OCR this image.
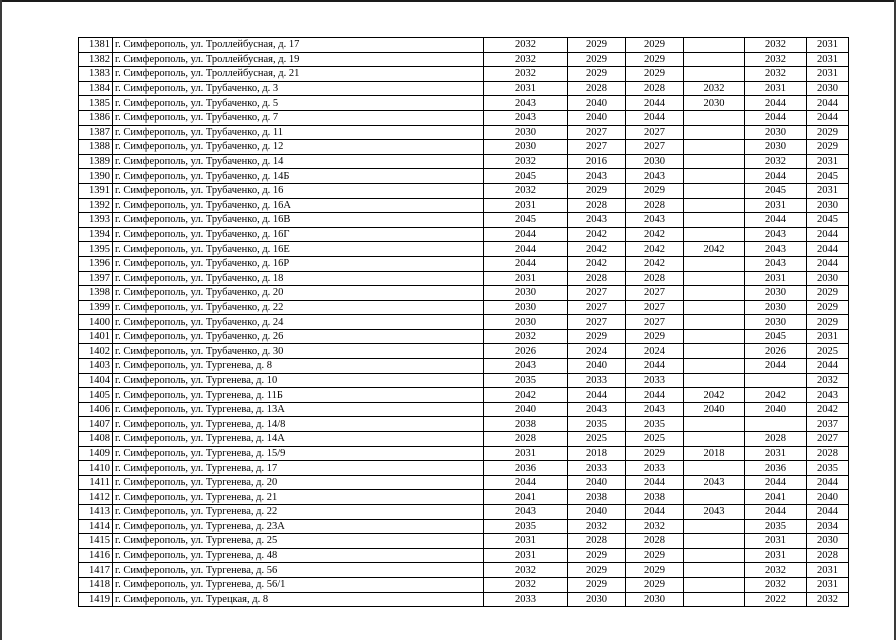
1381	г. Симферополь, ул. Троллейбусная, д. 17	2032	2029	2029		2032	2031
1382	г. Симферополь, ул. Троллейбусная, д. 19	2032	2029	2029		2032	2031
1383	г. Симферополь, ул. Троллейбусная, д. 21	2032	2029	2029		2032	2031
1384	г. Симферополь, ул. Трубаченко, д. 3	2031	2028	2028	2032	2031	2030
1385	г. Симферополь, ул. Трубаченко, д. 5	2043	2040	2044	2030	2044	2044
1386	г. Симферополь, ул. Трубаченко, д. 7	2043	2040	2044		2044	2044
1387	г. Симферополь, ул. Трубаченко, д. 11	2030	2027	2027		2030	2029
1388	г. Симферополь, ул. Трубаченко, д. 12	2030	2027	2027		2030	2029
1389	г. Симферополь, ул. Трубаченко, д. 14	2032	2016	2030		2032	2031
1390	г. Симферополь, ул. Трубаченко, д. 14Б	2045	2043	2043		2044	2045
1391	г. Симферополь, ул. Трубаченко, д. 16	2032	2029	2029		2045	2031
1392	г. Симферополь, ул. Трубаченко, д. 16А	2031	2028	2028		2031	2030
1393	г. Симферополь, ул. Трубаченко, д. 16В	2045	2043	2043		2044	2045
1394	г. Симферополь, ул. Трубаченко, д. 16Г	2044	2042	2042		2043	2044
1395	г. Симферополь, ул. Трубаченко, д. 16Е	2044	2042	2042	2042	2043	2044
1396	г. Симферополь, ул. Трубаченко, д. 16Р	2044	2042	2042		2043	2044
1397	г. Симферополь, ул. Трубаченко, д. 18	2031	2028	2028		2031	2030
1398	г. Симферополь, ул. Трубаченко, д. 20	2030	2027	2027		2030	2029
1399	г. Симферополь, ул. Трубаченко, д. 22	2030	2027	2027		2030	2029
1400	г. Симферополь, ул. Трубаченко, д. 24	2030	2027	2027		2030	2029
1401	г. Симферополь, ул. Трубаченко, д. 26	2032	2029	2029		2045	2031
1402	г. Симферополь, ул. Трубаченко, д. 30	2026	2024	2024		2026	2025
1403	г. Симферополь, ул. Тургенева, д. 8	2043	2040	2044		2044	2044
1404	г. Симферополь, ул. Тургенева, д. 10	2035	2033	2033			2032
1405	г. Симферополь, ул. Тургенева, д. 11Б	2042	2044	2044	2042	2042	2043
1406	г. Симферополь, ул. Тургенева, д. 13А	2040	2043	2043	2040	2040	2042
1407	г. Симферополь, ул. Тургенева, д. 14/8	2038	2035	2035			2037
1408	г. Симферополь, ул. Тургенева, д. 14А	2028	2025	2025		2028	2027
1409	г. Симферополь, ул. Тургенева, д. 15/9	2031	2018	2029	2018	2031	2028
1410	г. Симферополь, ул. Тургенева, д. 17	2036	2033	2033		2036	2035
1411	г. Симферополь, ул. Тургенева, д. 20	2044	2040	2044	2043	2044	2044
1412	г. Симферополь, ул. Тургенева, д. 21	2041	2038	2038		2041	2040
1413	г. Симферополь, ул. Тургенева, д. 22	2043	2040	2044	2043	2044	2044
1414	г. Симферополь, ул. Тургенева, д. 23А	2035	2032	2032		2035	2034
1415	г. Симферополь, ул. Тургенева, д. 25	2031	2028	2028		2031	2030
1416	г. Симферополь, ул. Тургенева, д. 48	2031	2029	2029		2031	2028
1417	г. Симферополь, ул. Тургенева, д. 56	2032	2029	2029		2032	2031
1418	г. Симферополь, ул. Тургенева, д. 56/1	2032	2029	2029		2032	2031
1419	г. Симферополь, ул. Турецкая, д. 8	2033	2030	2030		2022	2032
